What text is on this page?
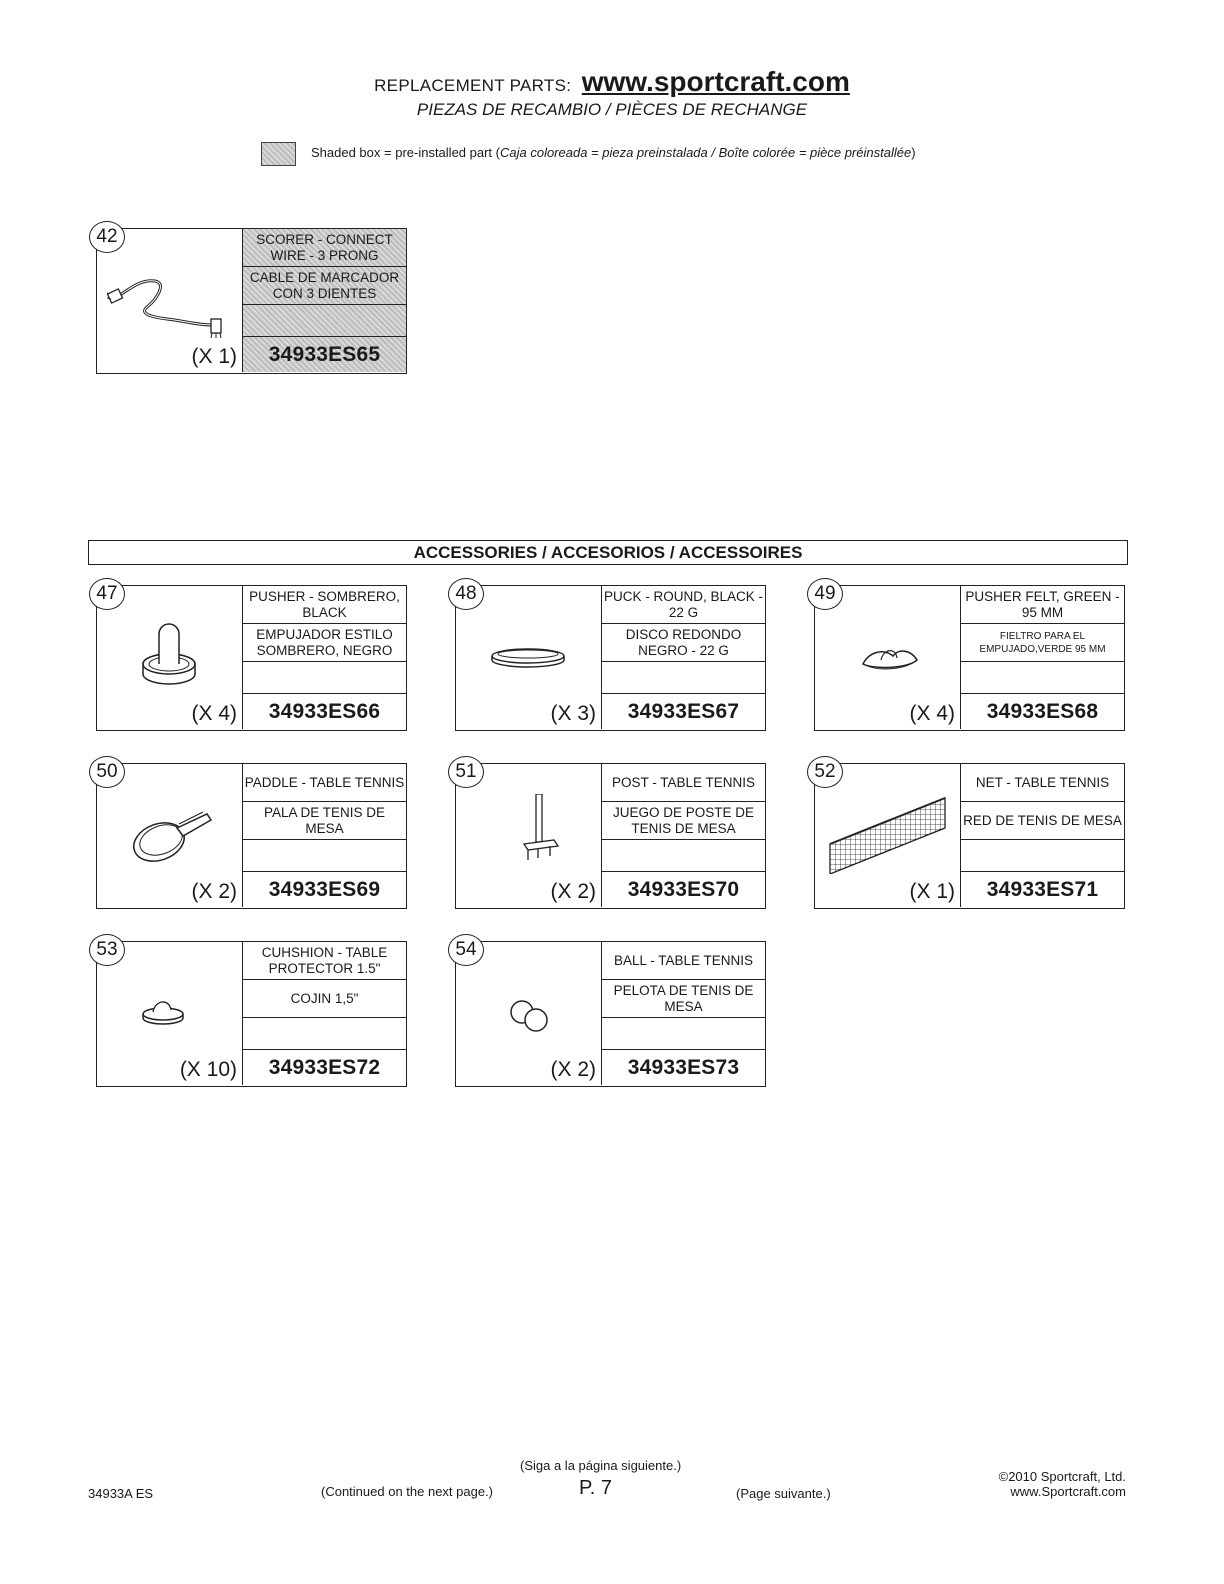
REPLACEMENT PARTS: www.sportcraft.com
PIEZAS DE RECAMBIO / PIÈCES DE RECHANGE
Shaded box = pre-installed part (Caja coloreada = pieza preinstalada / Boîte colorée = pièce préinstallée)
42
(X 1)
SCORER - CONNECT WIRE - 3 PRONG
CABLE DE MARCADOR CON 3 DIENTES
34933ES65
ACCESSORIES / ACCESORIOS / ACCESSOIRES
47
(X 4)
PUSHER - SOMBRERO, BLACK
EMPUJADOR ESTILO SOMBRERO, NEGRO
34933ES66
48
(X 3)
PUCK - ROUND, BLACK - 22 G
DISCO REDONDO NEGRO - 22 G
34933ES67
49
(X 4)
PUSHER FELT, GREEN - 95 MM
FIELTRO PARA EL EMPUJADO,VERDE 95 MM
34933ES68
50
(X 2)
PADDLE - TABLE TENNIS
PALA DE TENIS DE MESA
34933ES69
51
(X 2)
POST - TABLE TENNIS
JUEGO DE POSTE DE TENIS DE MESA
34933ES70
52
(X 1)
NET - TABLE TENNIS
RED DE TENIS DE MESA
34933ES71
53
(X 10)
CUHSHION - TABLE PROTECTOR 1.5"
COJIN 1,5"
34933ES72
54
(X 2)
BALL - TABLE TENNIS
PELOTA DE TENIS DE MESA
34933ES73
34933A ES	(Continued on the next page.)
(Siga a la página siguiente.)
P. 7	(Page suivante.)
©2010 Sportcraft, Ltd.
www.Sportcraft.com
